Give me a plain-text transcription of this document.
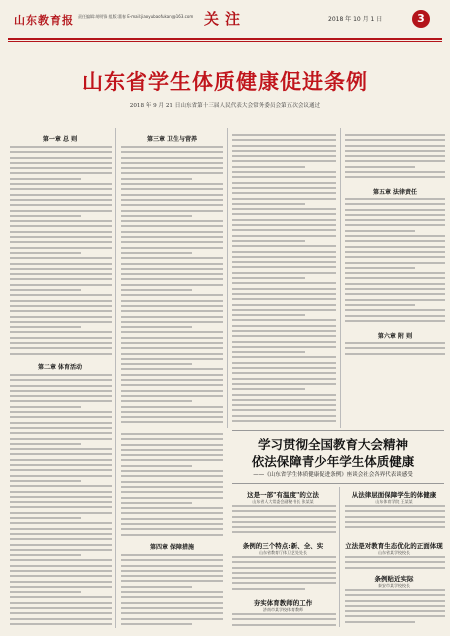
山东教育报 责任编辑:胡明锋 组版:董春 E-mail:jiaoyubaofukan@163.com 关注	2018 年 10 月 1 日	3
山东省学生体质健康促进条例
2018 年 9 月 21 日山东省第十三届人民代表大会常务委员会第五次会议通过
第一章 总 则
第二章 体育活动
第三章 卫生与营养
第五章 法律责任
第六章 附 则
第四章 保障措施
学习贯彻全国教育大会精神
依法保障青少年学生体质健康
——《山东省学生体质健康促进条例》座谈会社会各界代表谈感受
这是一部"有温度"的立法
山东省人大常委会副秘书长 张某某
条例的三个特点:新、全、实
山东省教育厅体卫艺处处长
夯实体育教师的工作
济南市某学校体育教师
从法律层面保障学生的体健康
山东体育学院 王某某
立法是对教育生态优化的正面体现
山东省某学校校长
条例贴近实际
泰安市某学校校长
